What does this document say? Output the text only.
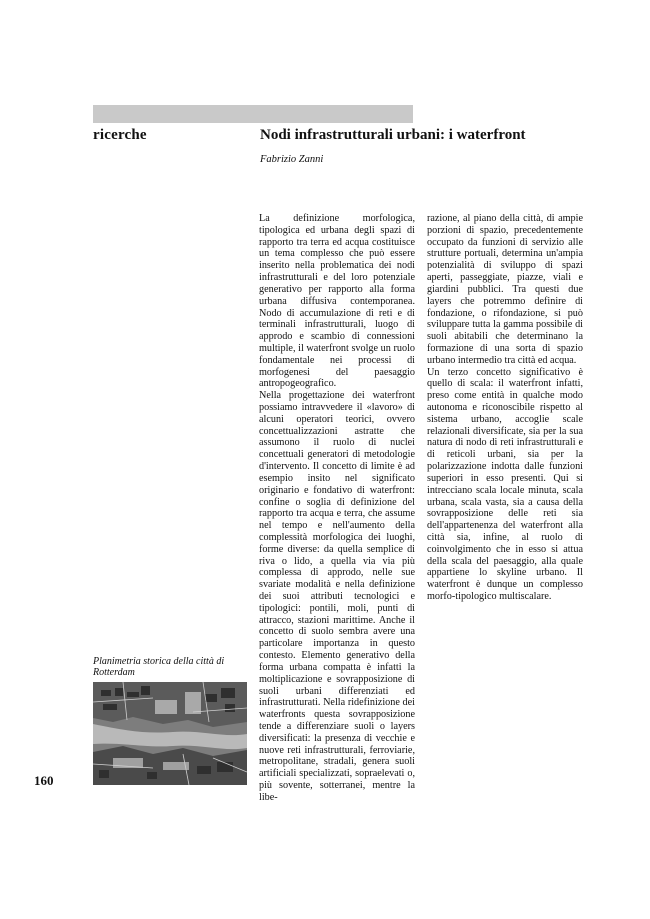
ricerche	Nodi infrastrutturali urbani: i waterfront
Fabrizio Zanni

La definizione morfologica, tipologica ed urbana degli spazi di rapporto tra terra ed acqua costituisce un tema complesso che può essere inserito nella problematica dei nodi infrastrutturali e del loro potenziale generativo per rapporto alla forma urbana diffusiva contemporanea. Nodo di accumulazione di reti e di terminali infrastrutturali, luogo di approdo e scambio di connessioni multiple, il waterfront svolge un ruolo fondamentale nei processi di morfogenesi del paesaggio antropogeografico.

Nella progettazione dei waterfront possiamo intravvedere il «lavoro» di alcuni operatori teorici, ovvero concettualizzazioni astratte che assumono il ruolo di nuclei concettuali generatori di metodologie d'intervento. Il concetto di limite è ad esempio insito nel significato originario e fondativo di waterfront: confine o soglia di definizione del rapporto tra acqua e terra, che assume nel tempo e nell'aumento della complessità morfologica dei luoghi, forme diverse: da quella semplice di riva o lido, a quella via via più complessa di approdo, nelle sue svariate modalità e nella definizione dei suoi attributi tecnologici e tipologici: pontili, moli, punti di attracco, stazioni marittime. Anche il concetto di suolo sembra avere una particolare importanza in questo contesto. Elemento generativo della forma urbana compatta è infatti la moltiplicazione e sovrapposizione di suoli urbani differenziati ed infrastrutturati. Nella ridefinizione dei waterfronts questa sovrapposizione tende a differenziare suoli o layers diversificati: la presenza di vecchie e nuove reti infrastrutturali, ferroviarie, metropolitane, stradali, genera suoli artificiali specializzati, sopraelevati o, più sovente, sotterranei, mentre la libe-

razione, al piano della città, di ampie porzioni di spazio, precedentemente occupato da funzioni di servizio alle strutture portuali, determina un'ampia potenzialità di sviluppo di spazi aperti, passeggiate, piazze, viali e giardini pubblici. Tra questi due layers che potremmo definire di fondazione, o rifondazione, si può sviluppare tutta la gamma possibile di suoli abitabili che determinano la formazione di una sorta di spazio urbano intermedio tra città ed acqua.

Un terzo concetto significativo è quello di scala: il waterfront infatti, preso come entità in qualche modo autonoma e riconoscibile rispetto al sistema urbano, accoglie scale relazionali diversificate, sia per la sua natura di nodo di reti infrastrutturali e di reticoli urbani, sia per la polarizzazione indotta dalle funzioni superiori in esso presenti. Qui si intrecciano scala locale minuta, scala urbana, scala vasta, sia a causa della sovrapposizione delle reti sia dell'appartenenza del waterfront alla città sia, infine, al ruolo di coinvolgimento che in esso si attua della scala del paesaggio, alla quale appartiene lo skyline urbano. Il waterfront è dunque un complesso morfo-tipologico multiscalare.

Planimetria storica della città di Rotterdam
160
